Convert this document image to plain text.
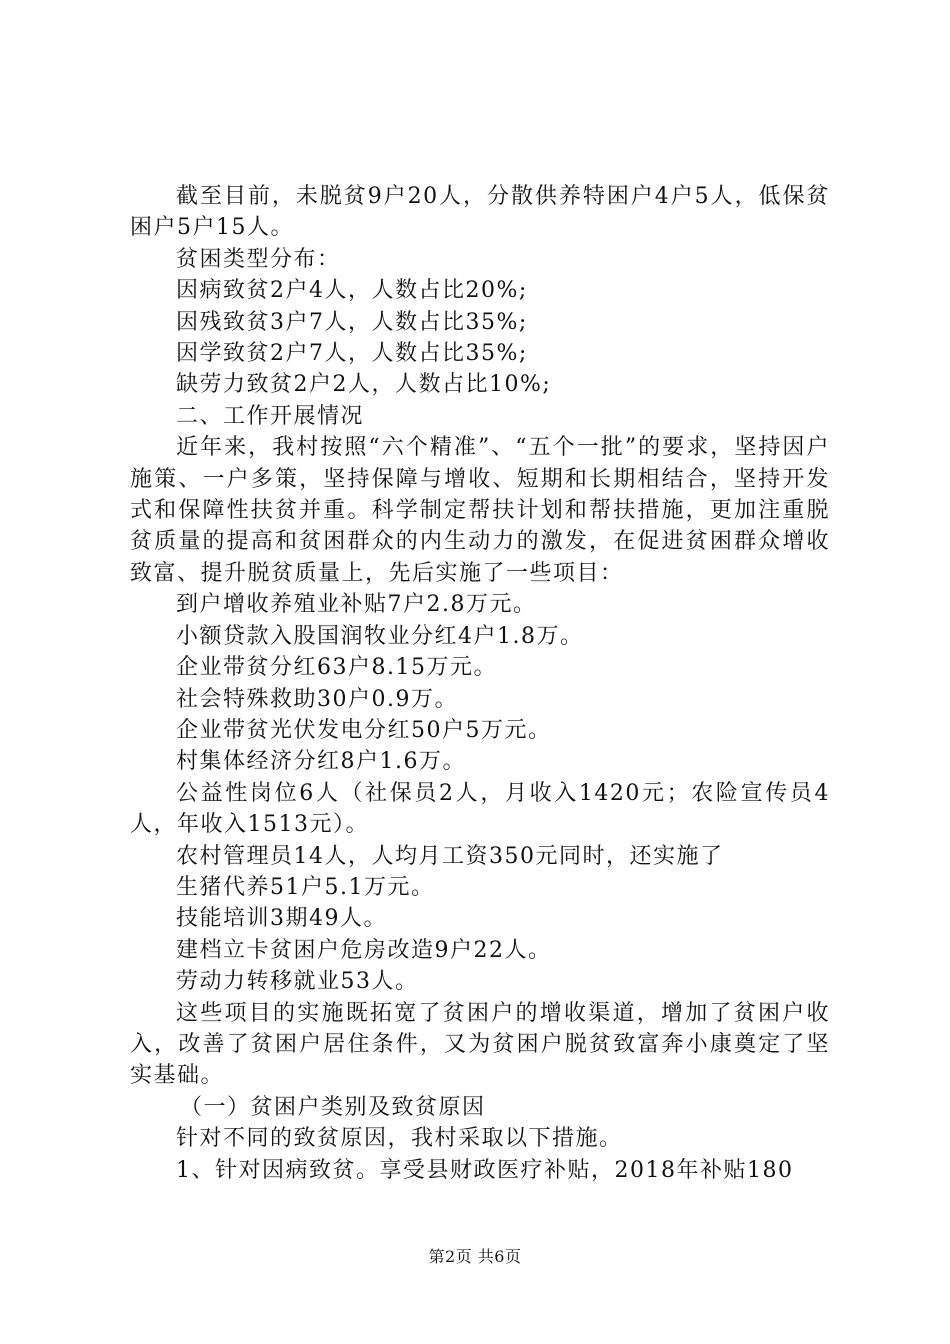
截至目前，未脱贫9户20人，分散供养特困户4户5人，低保贫困户5户15人。

贫困类型分布：

因病致贫2户4人，人数占比20%;

因残致贫3户7人，人数占比35%;

因学致贫2户7人，人数占比35%;

缺劳力致贫2户2人，人数占比10%;

二、工作开展情况

近年来，我村按照“六个精准”、“五个一批”的要求，坚持因户施策、一户多策，坚持保障与增收、短期和长期相结合，坚持开发式和保障性扶贫并重。科学制定帮扶计划和帮扶措施，更加注重脱贫质量的提高和贫困群众的内生动力的激发，在促进贫困群众增收致富、提升脱贫质量上，先后实施了一些项目：

到户增收养殖业补贴7户2.8万元。

小额贷款入股国润牧业分红4户1.8万。

企业带贫分红63户8.15万元。

社会特殊救助30户0.9万。

企业带贫光伏发电分红50户5万元。

村集体经济分红8户1.6万。

公益性岗位6人（社保员2人，月收入1420元；农险宣传员4人，年收入1513元）。

农村管理员14人，人均月工资350元同时，还实施了

生猪代养51户5.1万元。

技能培训3期49人。

建档立卡贫困户危房改造9户22人。

劳动力转移就业53人。

这些项目的实施既拓宽了贫困户的增收渠道，增加了贫困户收入，改善了贫困户居住条件，又为贫困户脱贫致富奔小康奠定了坚实基础。

（一）贫困户类别及致贫原因

针对不同的致贫原因，我村采取以下措施。

1、针对因病致贫。享受县财政医疗补贴，2018年补贴180

第2页 共6页
